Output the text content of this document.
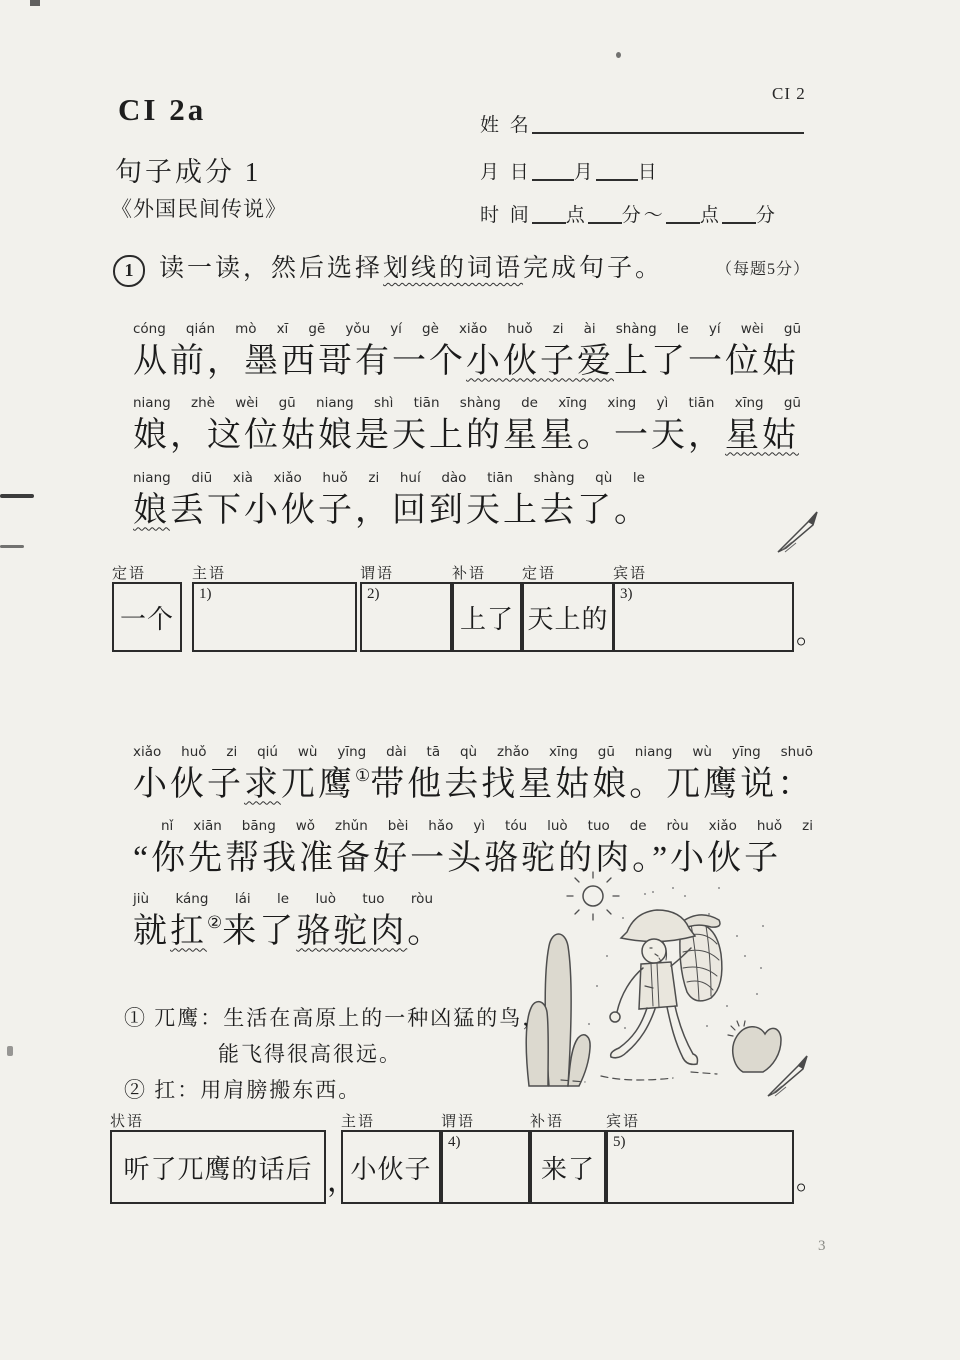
CI 2a	CI 2
句子成分 1
《外国民间传说》
姓 名
月 日 月 日
时 间 点 分～ 点 分
1 读一读，然后选择划线的词语完成句子。	（每题5分）
cóng qián mò xī gē yǒu yí gè xiǎo huǒ zi ài shàng le yí wèi gū
从前，墨西哥有一个小伙子爱上了一位姑
niang zhè wèi gū niang shì tiān shàng de xīng xing yì tiān xīng gū
娘，这位姑娘是天上的星星。一天，星姑
niang diū xià xiǎo huǒ zi huí dào tiān shàng qù le
娘丢下小伙子，回到天上去了。
定语
一个
主语
1)
谓语
2)
补语
上了
定语
天上的
宾语
3)
。
xiǎo huǒ zi qiú wù yīng dài tā qù zhǎo xīng gū niang wù yīng shuō
小伙子求兀鹰①带他去找星姑娘。兀鹰说：
nǐ xiān bāng wǒ zhǔn bèi hǎo yì tóu luò tuo de ròu xiǎo huǒ zi
“你先帮我准备好一头骆驼的肉。”小伙子
jiù káng lái le luò tuo ròu
就扛②来了骆驼肉。
① 兀鹰：生活在高原上的一种凶猛的鸟，
能飞得很高很远。
② 扛：用肩膀搬东西。
状语
听了兀鹰的话后 ，
主语
小伙子
谓语
4)
补语
来了
宾语
5)
。
3
